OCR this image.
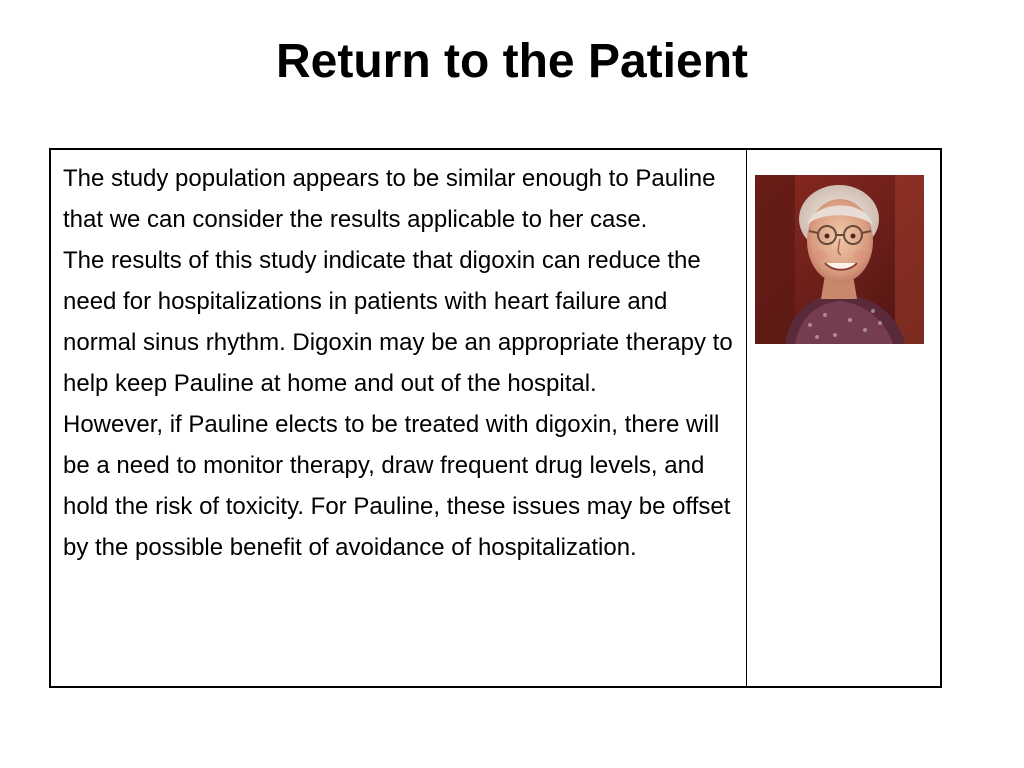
Return to the Patient

The study population appears to be similar enough to Pauline that we can consider the results applicable to her case.

The results of this study indicate that digoxin can reduce the need for hospitalizations in patients with heart failure and normal sinus rhythm. Digoxin may be an appropriate therapy to help keep Pauline at home and out of the hospital.

However, if Pauline elects to be treated with digoxin, there will be a need to monitor therapy, draw frequent drug levels, and hold the risk of toxicity. For Pauline, these issues may be offset by the possible benefit of avoidance of hospitalization.
